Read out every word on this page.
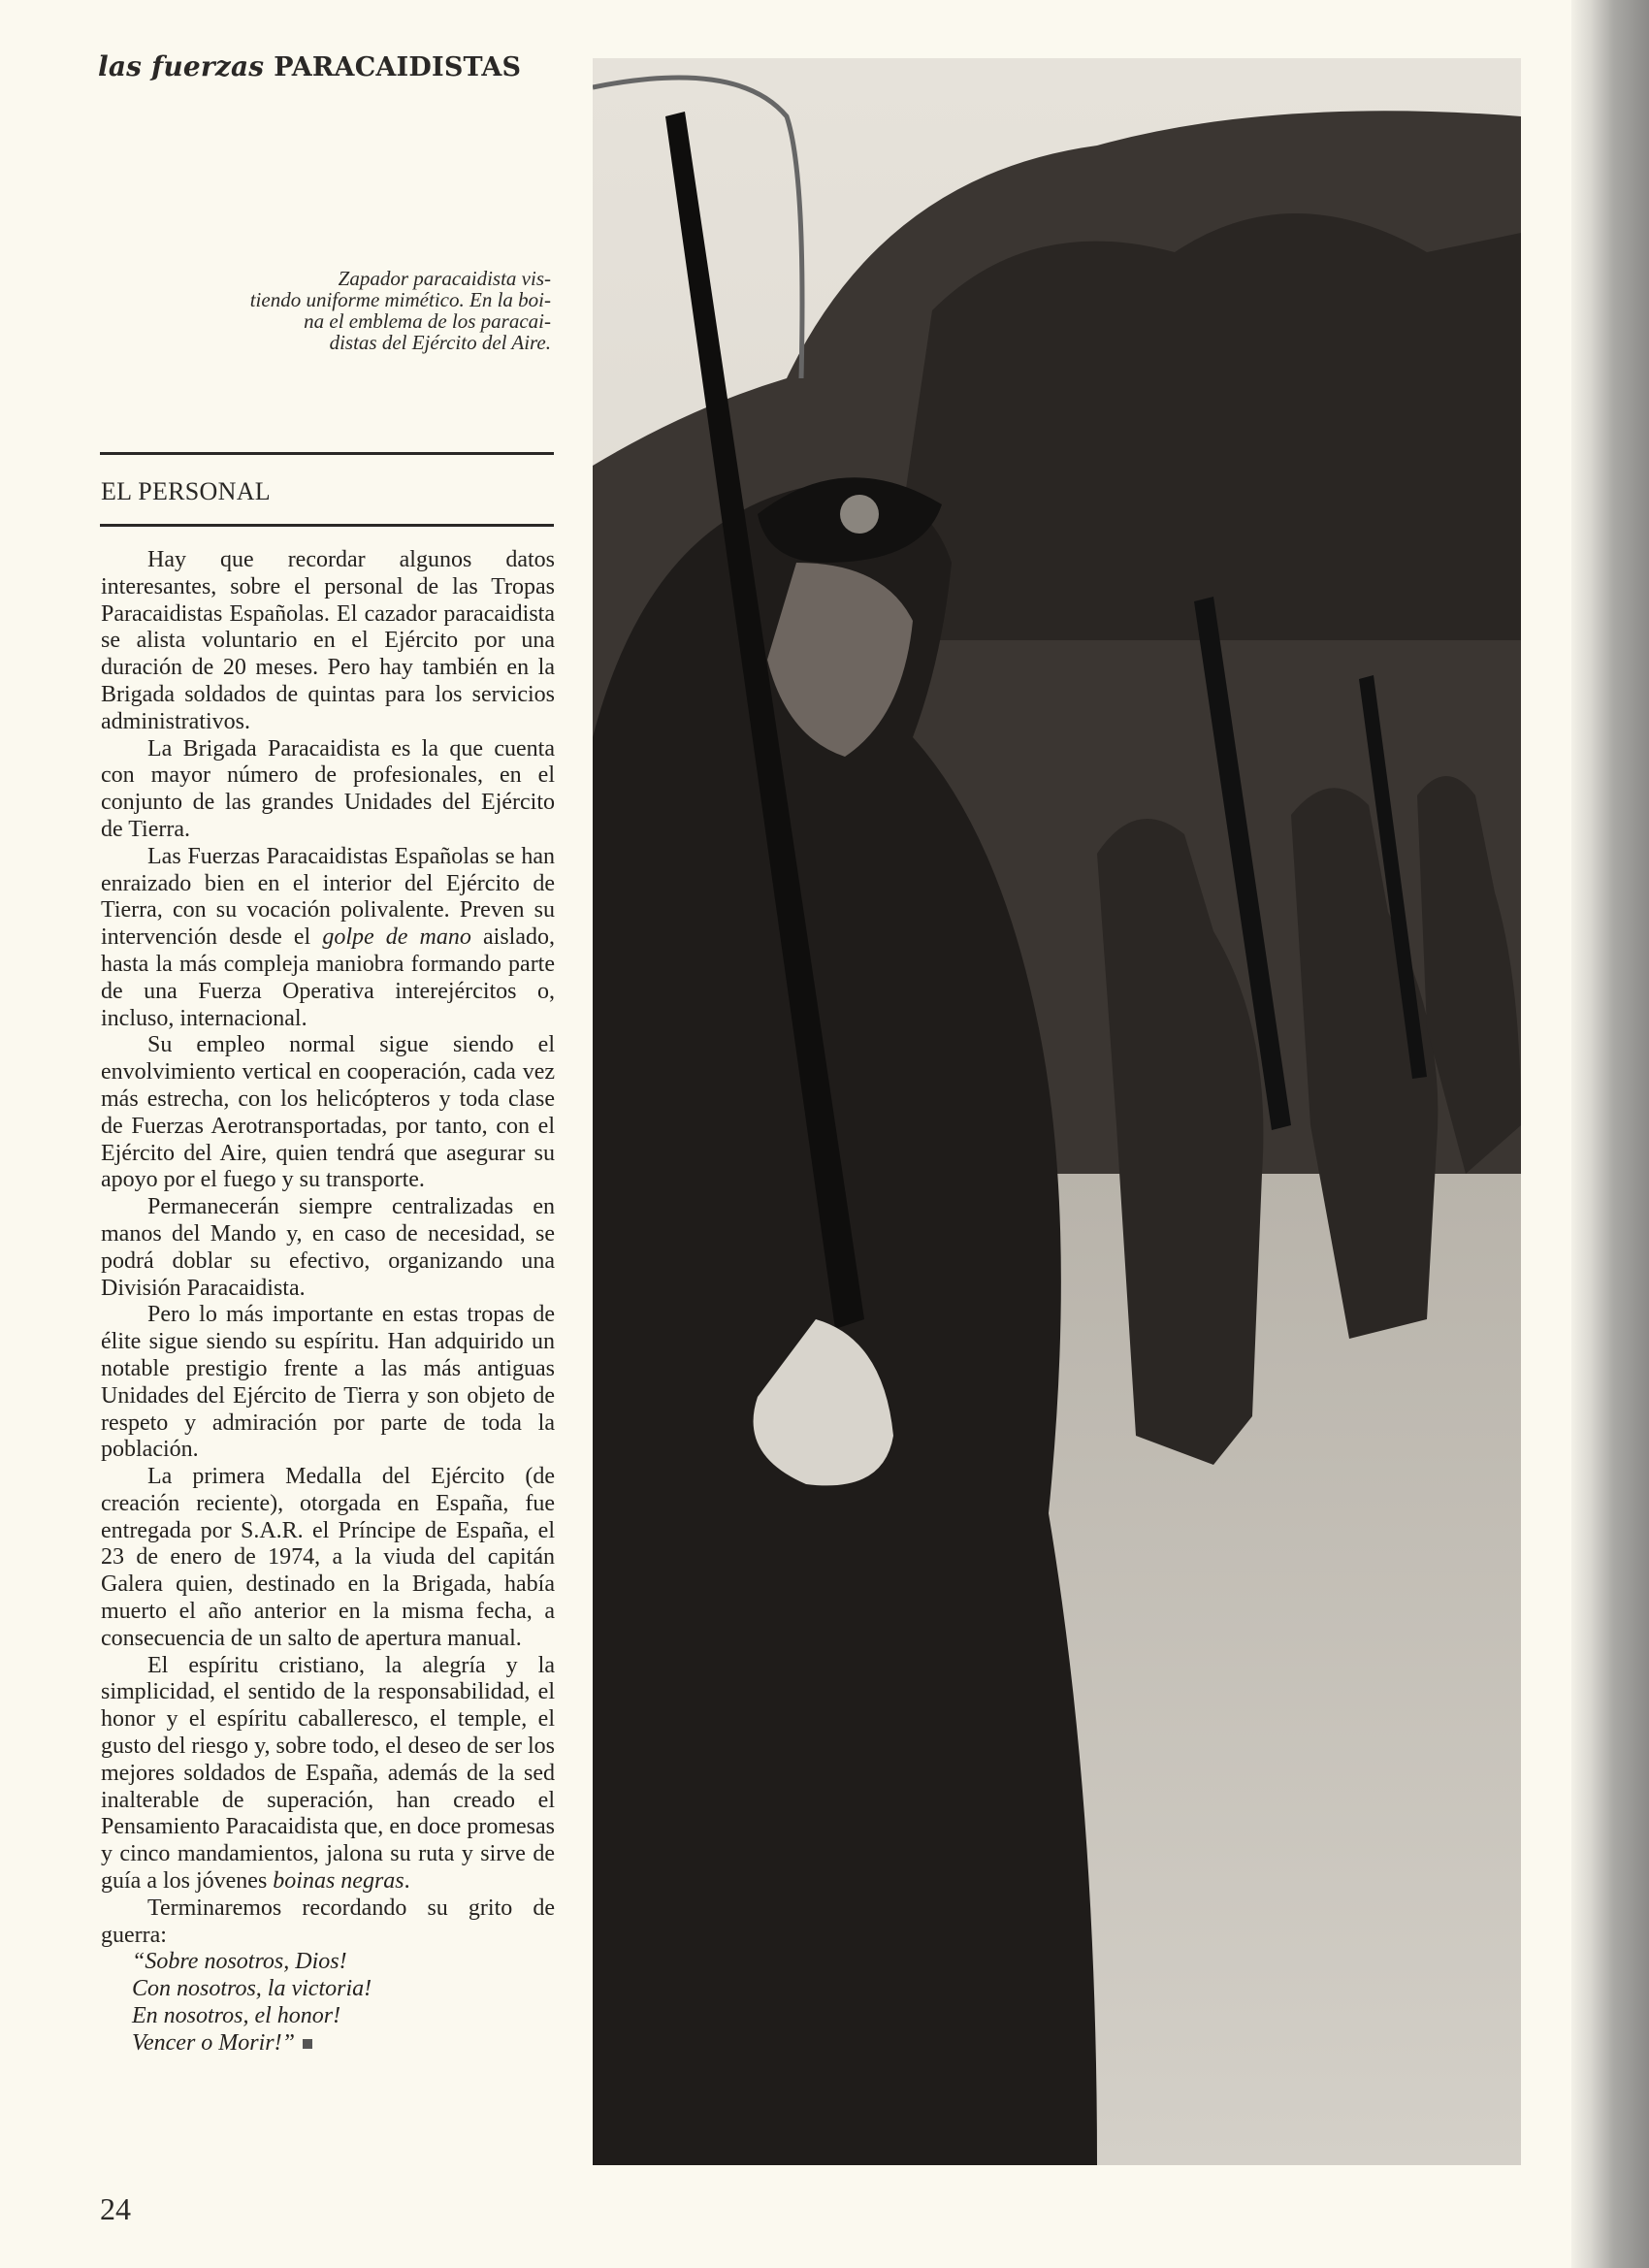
las fuerzas PARACAIDISTAS
Zapador paracaidista vis-
tiendo uniforme mimético. En la boi-
na el emblema de los paracai-
distas del Ejército del Aire.
EL PERSONAL

Hay que recordar algunos datos interesantes, sobre el personal de las Tropas Paracaidistas Españolas. El cazador paracaidista se alista voluntario en el Ejército por una duración de 20 meses. Pero hay también en la Brigada soldados de quintas para los servicios administrativos.

La Brigada Paracaidista es la que cuenta con mayor número de profesionales, en el conjunto de las grandes Unidades del Ejército de Tierra.

Las Fuerzas Paracaidistas Españolas se han enraizado bien en el interior del Ejército de Tierra, con su vocación polivalente. Preven su intervención desde el golpe de mano aislado, hasta la más compleja maniobra formando parte de una Fuerza Operativa interejércitos o, incluso, internacional.

Su empleo normal sigue siendo el envolvimiento vertical en cooperación, cada vez más estrecha, con los helicópteros y toda clase de Fuerzas Aerotransportadas, por tanto, con el Ejército del Aire, quien tendrá que asegurar su apoyo por el fuego y su transporte.

Permanecerán siempre centralizadas en manos del Mando y, en caso de necesidad, se podrá doblar su efectivo, organizando una División Paracaidista.

Pero lo más importante en estas tropas de élite sigue siendo su espíritu. Han adquirido un notable prestigio frente a las más antiguas Unidades del Ejército de Tierra y son objeto de respeto y admiración por parte de toda la población.

La primera Medalla del Ejército (de creación reciente), otorgada en España, fue entregada por S.A.R. el Príncipe de España, el 23 de enero de 1974, a la viuda del capitán Galera quien, destinado en la Brigada, había muerto el año anterior en la misma fecha, a consecuencia de un salto de apertura manual.

El espíritu cristiano, la alegría y la simplicidad, el sentido de la responsabilidad, el honor y el espíritu caballeresco, el temple, el gusto del riesgo y, sobre todo, el deseo de ser los mejores soldados de España, además de la sed inalterable de superación, han creado el Pensamiento Paracaidista que, en doce promesas y cinco mandamientos, jalona su ruta y sirve de guía a los jóvenes boinas negras.

Terminaremos recordando su grito de guerra:

“Sobre nosotros, Dios!
Con nosotros, la victoria!
En nosotros, el honor!
Vencer o Morir!”
24
